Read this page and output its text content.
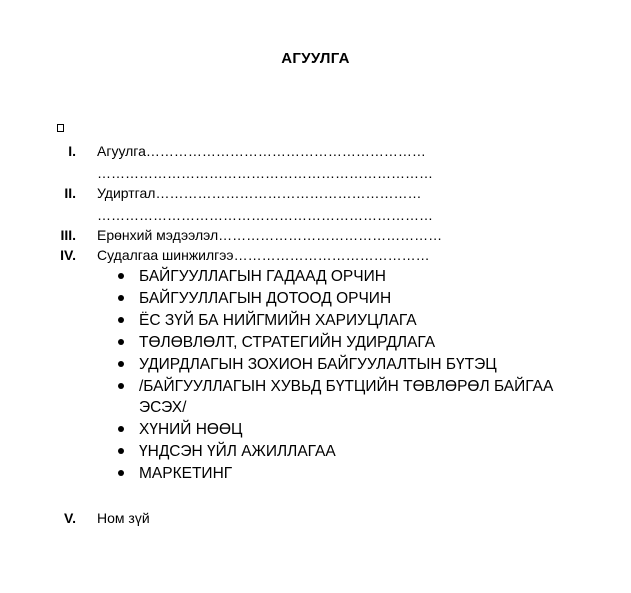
АГУУЛГА
I. Агуулга……………………………………………………
………………………………………………………………
II. Удиртгал…………………………………………………
………………………………………………………………
III. Ерөнхий мэдээлэл…………………………………………
IV. Судалгаа шинжилгээ……………………………………
БАЙГУУЛЛАГЫН ГАДААД ОРЧИН
БАЙГУУЛЛАГЫН ДОТООД ОРЧИН
ЁС ЗҮЙ БА НИЙГМИЙН ХАРИУЦЛАГА
ТӨЛӨВЛӨЛТ, СТРАТЕГИЙН УДИРДЛАГА
УДИРДЛАГЫН ЗОХИОН БАЙГУУЛАЛТЫН БҮТЭЦ
/БАЙГУУЛЛАГЫН ХУВЬД БҮТЦИЙН ТӨВЛӨРӨЛ БАЙГАА ЭСЭХ/
ХҮНИЙ НӨӨЦ
ҮНДСЭН ҮЙЛ АЖИЛЛАГАА
МАРКЕТИНГ
V. Ном зүй
